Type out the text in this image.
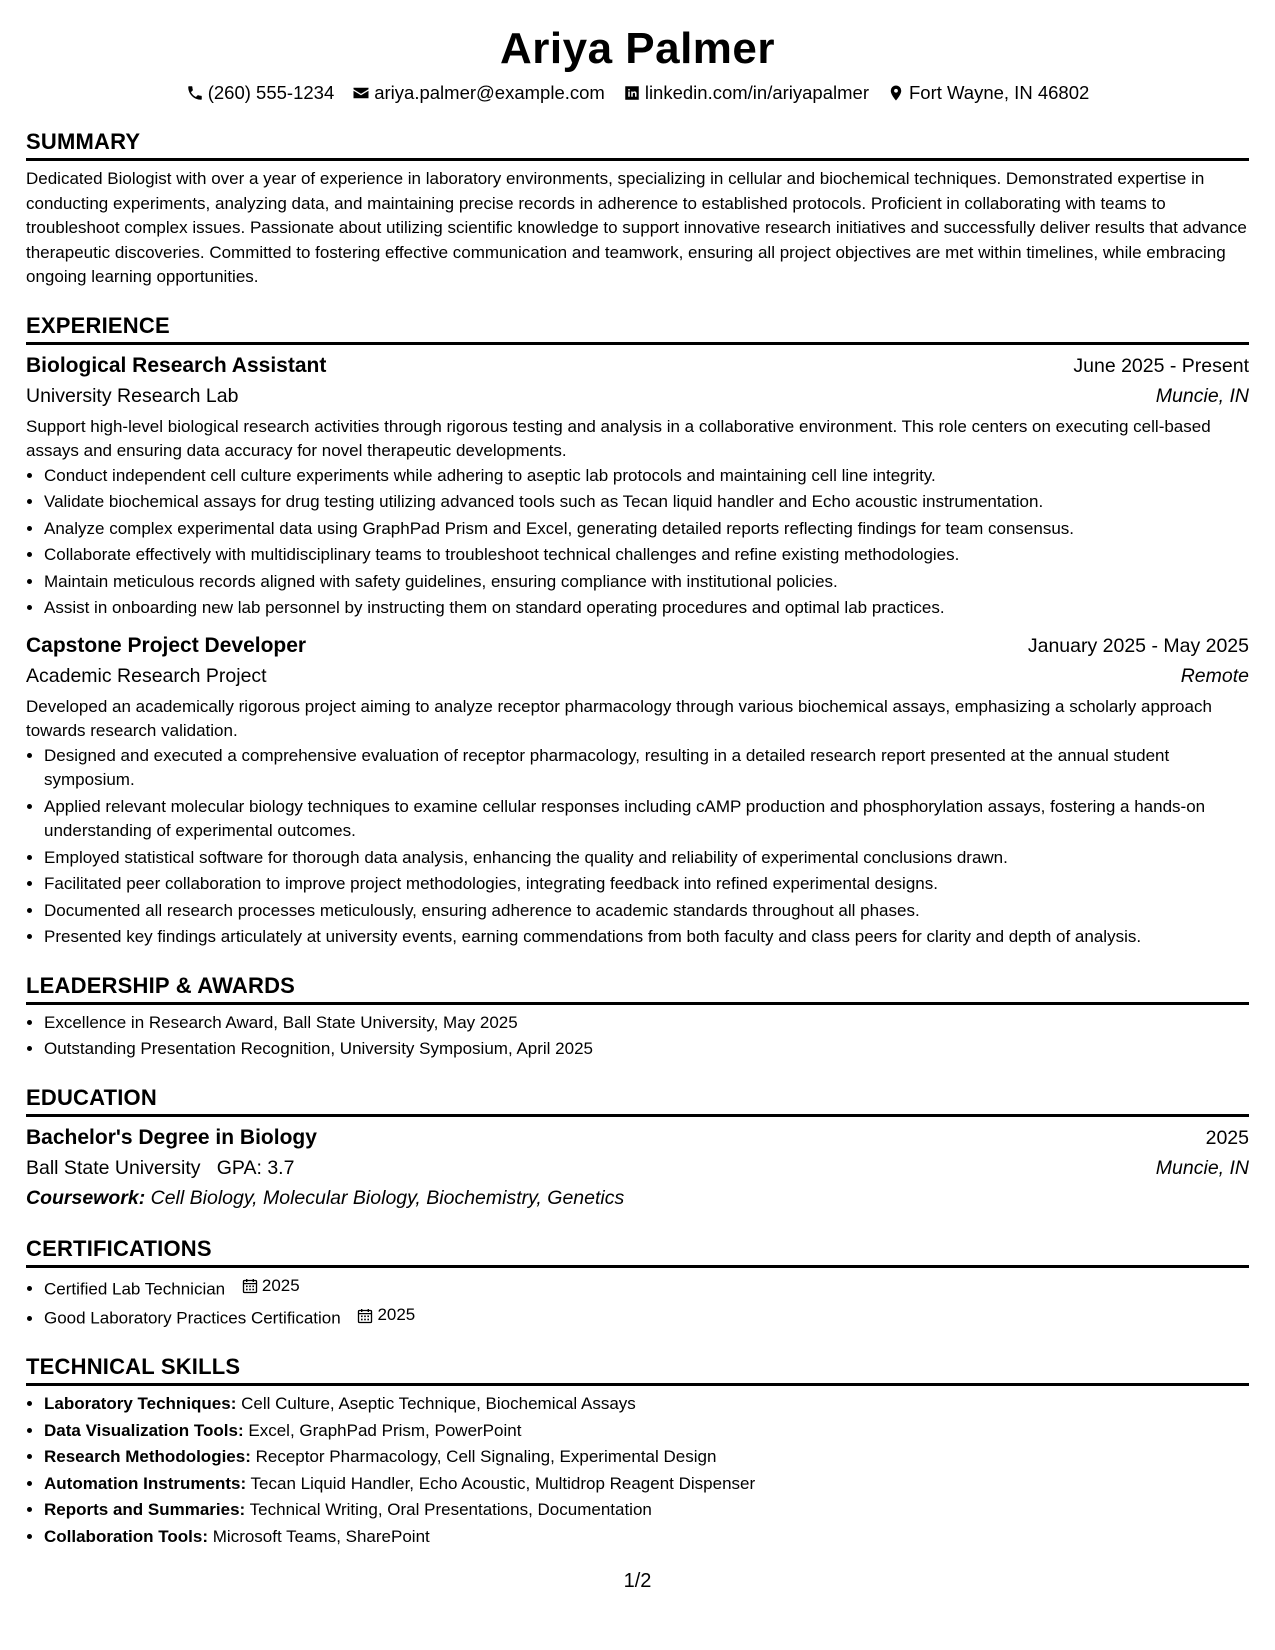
Ariya Palmer
(260) 555-1234 ariya.palmer@example.com linkedin.com/in/ariyapalmer Fort Wayne, IN 46802
SUMMARY

Dedicated Biologist with over a year of experience in laboratory environments, specializing in cellular and biochemical techniques. Demonstrated expertise in conducting experiments, analyzing data, and maintaining precise records in adherence to established protocols. Proficient in collaborating with teams to troubleshoot complex issues. Passionate about utilizing scientific knowledge to support innovative research initiatives and successfully deliver results that advance therapeutic discoveries. Committed to fostering effective communication and teamwork, ensuring all project objectives are met within timelines, while embracing ongoing learning opportunities.

EXPERIENCE
Biological Research Assistant	June 2025 - Present
University Research Lab	Muncie, IN

Support high-level biological research activities through rigorous testing and analysis in a collaborative environment. This role centers on executing cell-based assays and ensuring data accuracy for novel therapeutic developments.

• Conduct independent cell culture experiments while adhering to aseptic lab protocols and maintaining cell line integrity.
• Validate biochemical assays for drug testing utilizing advanced tools such as Tecan liquid handler and Echo acoustic instrumentation.
• Analyze complex experimental data using GraphPad Prism and Excel, generating detailed reports reflecting findings for team consensus.
• Collaborate effectively with multidisciplinary teams to troubleshoot technical challenges and refine existing methodologies.
• Maintain meticulous records aligned with safety guidelines, ensuring compliance with institutional policies.
• Assist in onboarding new lab personnel by instructing them on standard operating procedures and optimal lab practices.
Capstone Project Developer	January 2025 - May 2025
Academic Research Project	Remote

Developed an academically rigorous project aiming to analyze receptor pharmacology through various biochemical assays, emphasizing a scholarly approach towards research validation.

• Designed and executed a comprehensive evaluation of receptor pharmacology, resulting in a detailed research report presented at the annual student symposium.
• Applied relevant molecular biology techniques to examine cellular responses including cAMP production and phosphorylation assays, fostering a hands-on understanding of experimental outcomes.
• Employed statistical software for thorough data analysis, enhancing the quality and reliability of experimental conclusions drawn.
• Facilitated peer collaboration to improve project methodologies, integrating feedback into refined experimental designs.
• Documented all research processes meticulously, ensuring adherence to academic standards throughout all phases.
• Presented key findings articulately at university events, earning commendations from both faculty and class peers for clarity and depth of analysis.
LEADERSHIP & AWARDS
• Excellence in Research Award, Ball State University, May 2025
• Outstanding Presentation Recognition, University Symposium, April 2025
EDUCATION
Bachelor's Degree in Biology	2025
Ball State University GPA: 3.7	Muncie, IN
Coursework: Cell Biology, Molecular Biology, Biochemistry, Genetics
CERTIFICATIONS
• Certified Lab Technician 2025
• Good Laboratory Practices Certification 2025
TECHNICAL SKILLS
• Laboratory Techniques: Cell Culture, Aseptic Technique, Biochemical Assays
• Data Visualization Tools: Excel, GraphPad Prism, PowerPoint
• Research Methodologies: Receptor Pharmacology, Cell Signaling, Experimental Design
• Automation Instruments: Tecan Liquid Handler, Echo Acoustic, Multidrop Reagent Dispenser
• Reports and Summaries: Technical Writing, Oral Presentations, Documentation
• Collaboration Tools: Microsoft Teams, SharePoint
1/2
